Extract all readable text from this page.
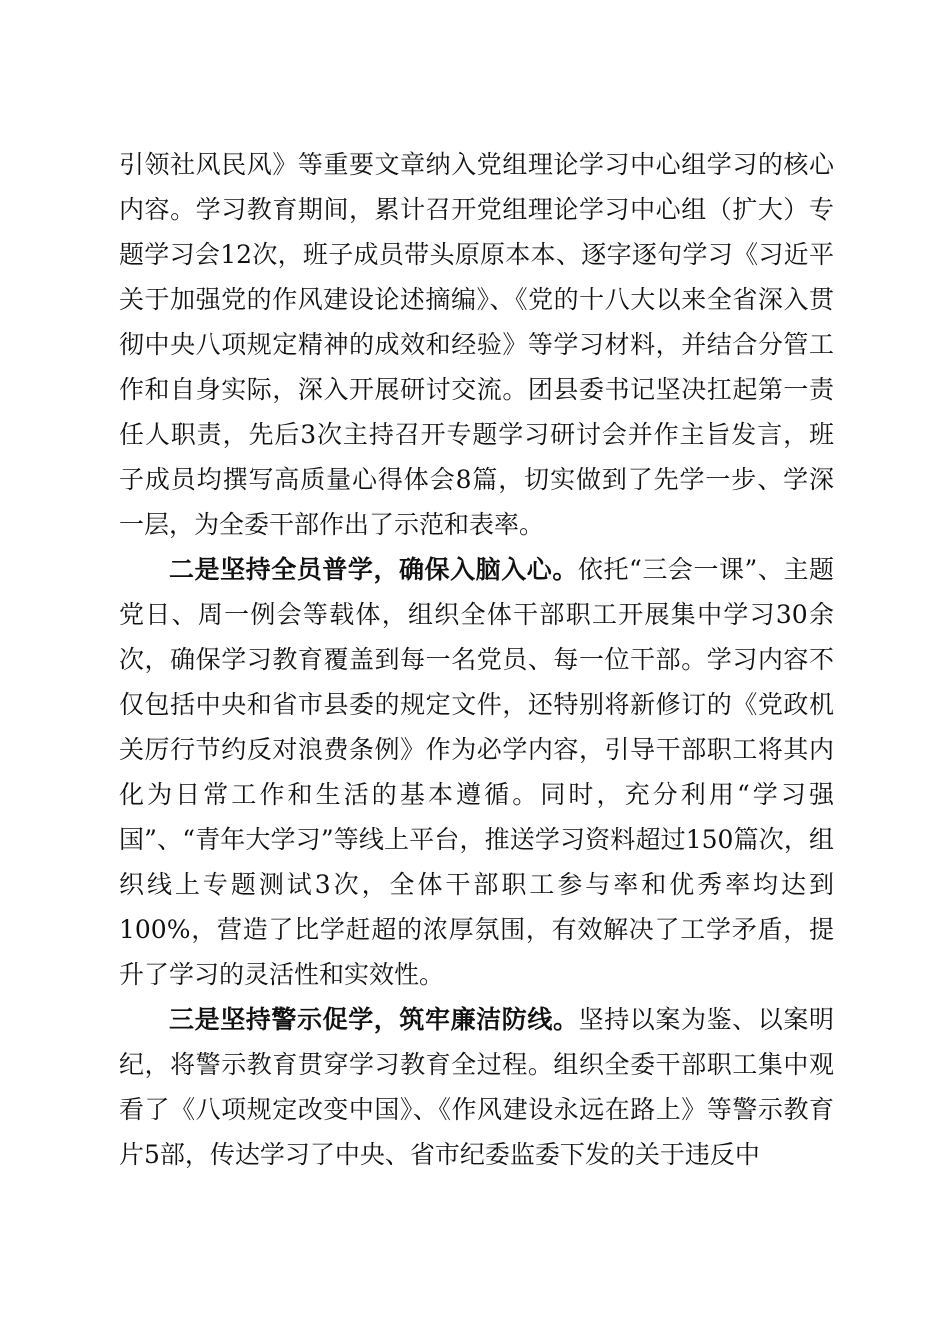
引领社风民风》等重要文章纳入党组理论学习中心组学习的核心内容。学习教育期间，累计召开党组理论学习中心组（扩大）专题学习会12次，班子成员带头原原本本、逐字逐句学习《习近平关于加强党的作风建设论述摘编》、《党的十八大以来全省深入贯彻中央八项规定精神的成效和经验》等学习材料，并结合分管工作和自身实际，深入开展研讨交流。团县委书记坚决扛起第一责任人职责，先后3次主持召开专题学习研讨会并作主旨发言，班子成员均撰写高质量心得体会8篇，切实做到了先学一步、学深一层，为全委干部作出了示范和表率。

二是坚持全员普学，确保入脑入心。依托“三会一课”、主题党日、周一例会等载体，组织全体干部职工开展集中学习30余次，确保学习教育覆盖到每一名党员、每一位干部。学习内容不仅包括中央和省市县委的规定文件，还特别将新修订的《党政机关厉行节约反对浪费条例》作为必学内容，引导干部职工将其内化为日常工作和生活的基本遵循。同时，充分利用“学习强国”、“青年大学习”等线上平台，推送学习资料超过150篇次，组织线上专题测试3次，全体干部职工参与率和优秀率均达到100%，营造了比学赶超的浓厚氛围，有效解决了工学矛盾，提升了学习的灵活性和实效性。

三是坚持警示促学，筑牢廉洁防线。坚持以案为鉴、以案明纪，将警示教育贯穿学习教育全过程。组织全委干部职工集中观看了《八项规定改变中国》、《作风建设永远在路上》等警示教育片5部，传达学习了中央、省市纪委监委下发的关于违反中
